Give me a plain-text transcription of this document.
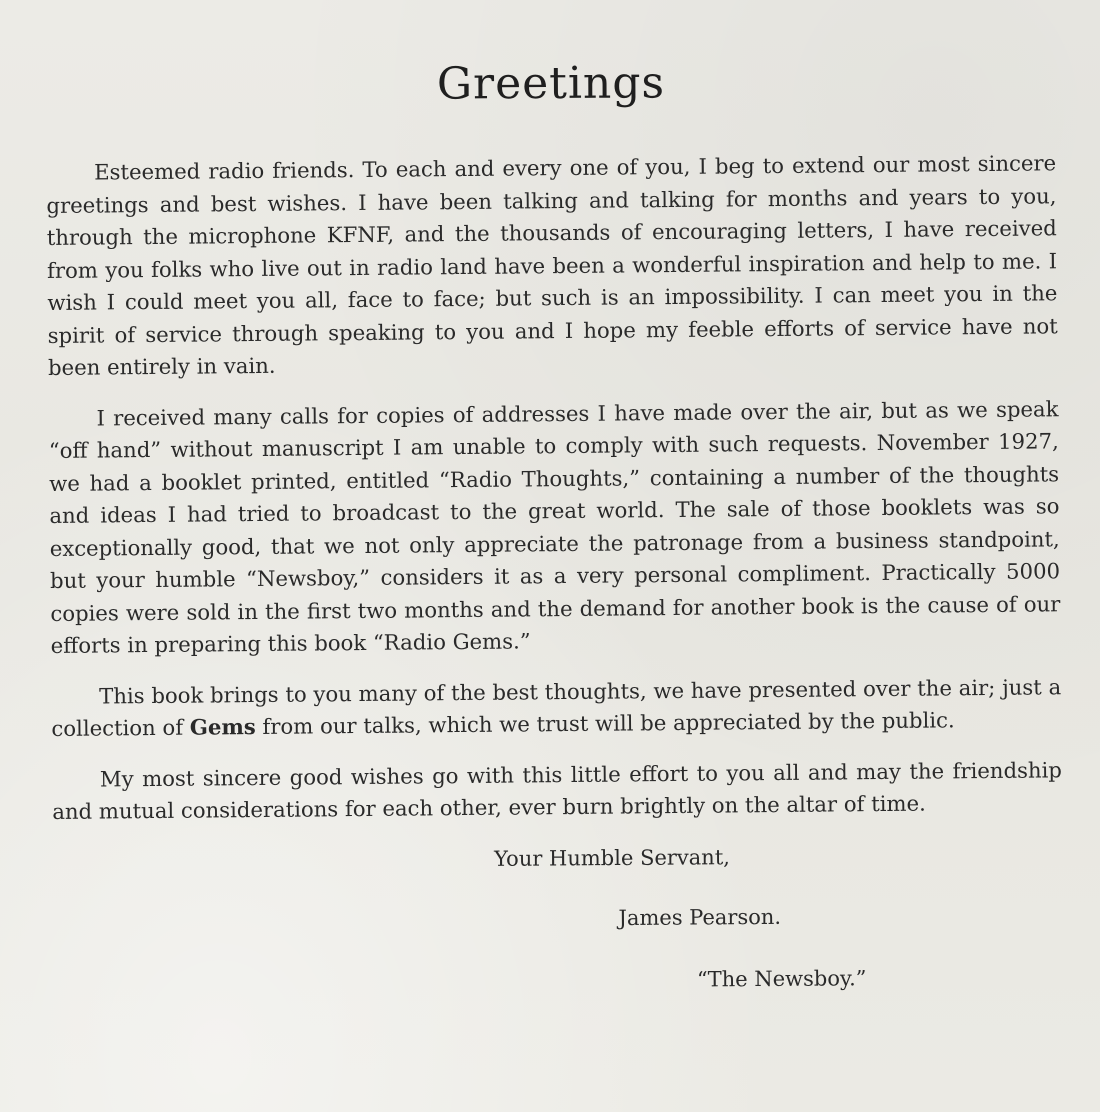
Greetings

Esteemed radio friends. To each and every one of you, I beg to extend our most sincere greetings and best wishes. I have been talking and talking for months and years to you, through the microphone KFNF, and the thousands of encouraging letters, I have received from you folks who live out in radio land have been a wonderful inspiration and help to me. I wish I could meet you all, face to face; but such is an impossibility. I can meet you in the spirit of service through speaking to you and I hope my feeble efforts of service have not been entirely in vain.

I received many calls for copies of addresses I have made over the air, but as we speak “off hand” without manuscript I am unable to comply with such requests. November 1927, we had a booklet printed, entitled “Radio Thoughts,” containing a number of the thoughts and ideas I had tried to broadcast to the great world. The sale of those booklets was so exceptionally good, that we not only appreciate the patronage from a business standpoint, but your humble “Newsboy,” considers it as a very personal compliment. Practically 5000 copies were sold in the first two months and the demand for another book is the cause of our efforts in preparing this book “Radio Gems.”

This book brings to you many of the best thoughts, we have presented over the air; just a collection of Gems from our talks, which we trust will be appreciated by the public.

My most sincere good wishes go with this little effort to you all and may the friendship and mutual considerations for each other, ever burn brightly on the altar of time.

Your Humble Servant,
James Pearson.
“The Newsboy.”
